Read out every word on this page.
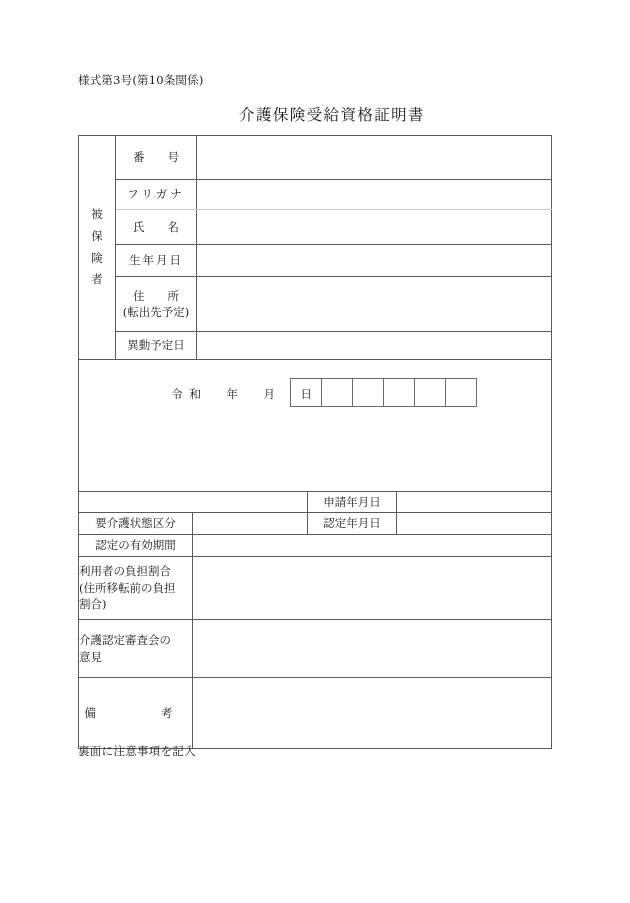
様式第3号(第10条関係)
介護保険受給資格証明書
被
保
険
者	番　　号	
	フリガナ	
	氏　　名	
	生年月日	

	住　　所
(転出先予定)	

	異動予定日	

令和　年　月　日		
		申請年月日	
要介護状態区分		認定年月日	
認定の有効期間			

利用者の負担割合
(住所移転前の負担
割合)			

介護認定審査会の
意見			

備　　考			
裏面に注意事項を記入
